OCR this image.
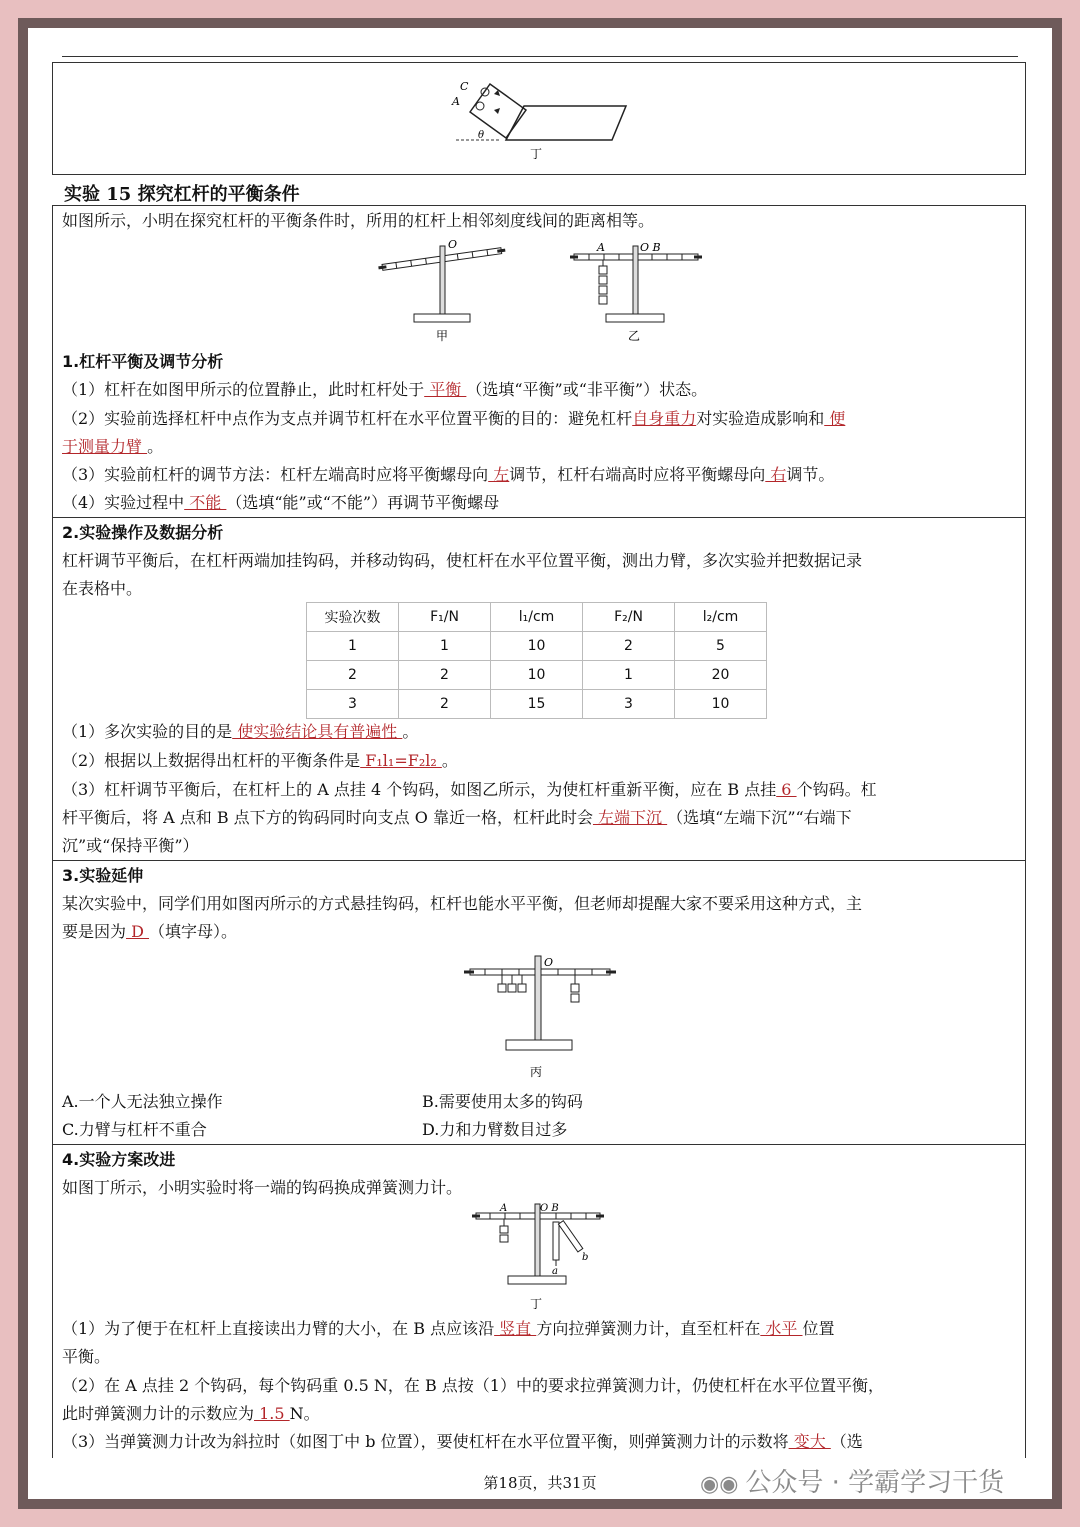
C
A
θ
丁
实验 15 探究杠杆的平衡条件
如图所示，小明在探究杠杆的平衡条件时，所用的杠杆上相邻刻度线间的距离相等。
O
甲
A	O B
乙
1.杠杆平衡及调节分析
（1）杠杆在如图甲所示的位置静止，此时杠杆处于 平衡 （选填“平衡”或“非平衡”）状态。
（2）实验前选择杠杆中点作为支点并调节杠杆在水平位置平衡的目的：避免杠杆自身重力对实验造成影响和 便
于测量力臂 。
（3）实验前杠杆的调节方法：杠杆左端高时应将平衡螺母向 左调节，杠杆右端高时应将平衡螺母向 右调节。
（4）实验过程中 不能 （选填“能”或“不能”）再调节平衡螺母
2.实验操作及数据分析
杠杆调节平衡后，在杠杆两端加挂钩码，并移动钩码，使杠杆在水平位置平衡，测出力臂，多次实验并把数据记录
在表格中。
实验次数	F₁/N	l₁/cm	F₂/N	l₂/cm
1	1	10	2	5
2	2	10	1	20
3	2	15	3	10
（1）多次实验的目的是 使实验结论具有普遍性 。
（2）根据以上数据得出杠杆的平衡条件是 F₁l₁=F₂l₂ 。
（3）杠杆调节平衡后，在杠杆上的 A 点挂 4 个钩码，如图乙所示，为使杠杆重新平衡，应在 B 点挂 6 个钩码。杠
杆平衡后，将 A 点和 B 点下方的钩码同时向支点 O 靠近一格，杠杆此时会 左端下沉 （选填“左端下沉”“右端下
沉”或“保持平衡”）
3.实验延伸
某次实验中，同学们用如图丙所示的方式悬挂钩码，杠杆也能水平平衡，但老师却提醒大家不要采用这种方式，主
要是因为 D （填字母）。
O
丙
A.一个人无法独立操作	B.需要使用太多的钩码
C.力臂与杠杆不重合	D.力和力臂数目过多
4.实验方案改进
如图丁所示，小明实验时将一端的钩码换成弹簧测力计。
A	O B
a
b
丁
（1）为了便于在杠杆上直接读出力臂的大小，在 B 点应该沿 竖直 方向拉弹簧测力计，直至杠杆在 水平 位置
平衡。
（2）在 A 点挂 2 个钩码，每个钩码重 0.5 N，在 B 点按（1）中的要求拉弹簧测力计，仍使杠杆在水平位置平衡，
此时弹簧测力计的示数应为 1.5 N。
（3）当弹簧测力计改为斜拉时（如图丁中 b 位置），要使杠杆在水平位置平衡，则弹簧测力计的示数将 变大 （选
第18页，共31页	◉◉ 公众号 · 学霸学习干货
